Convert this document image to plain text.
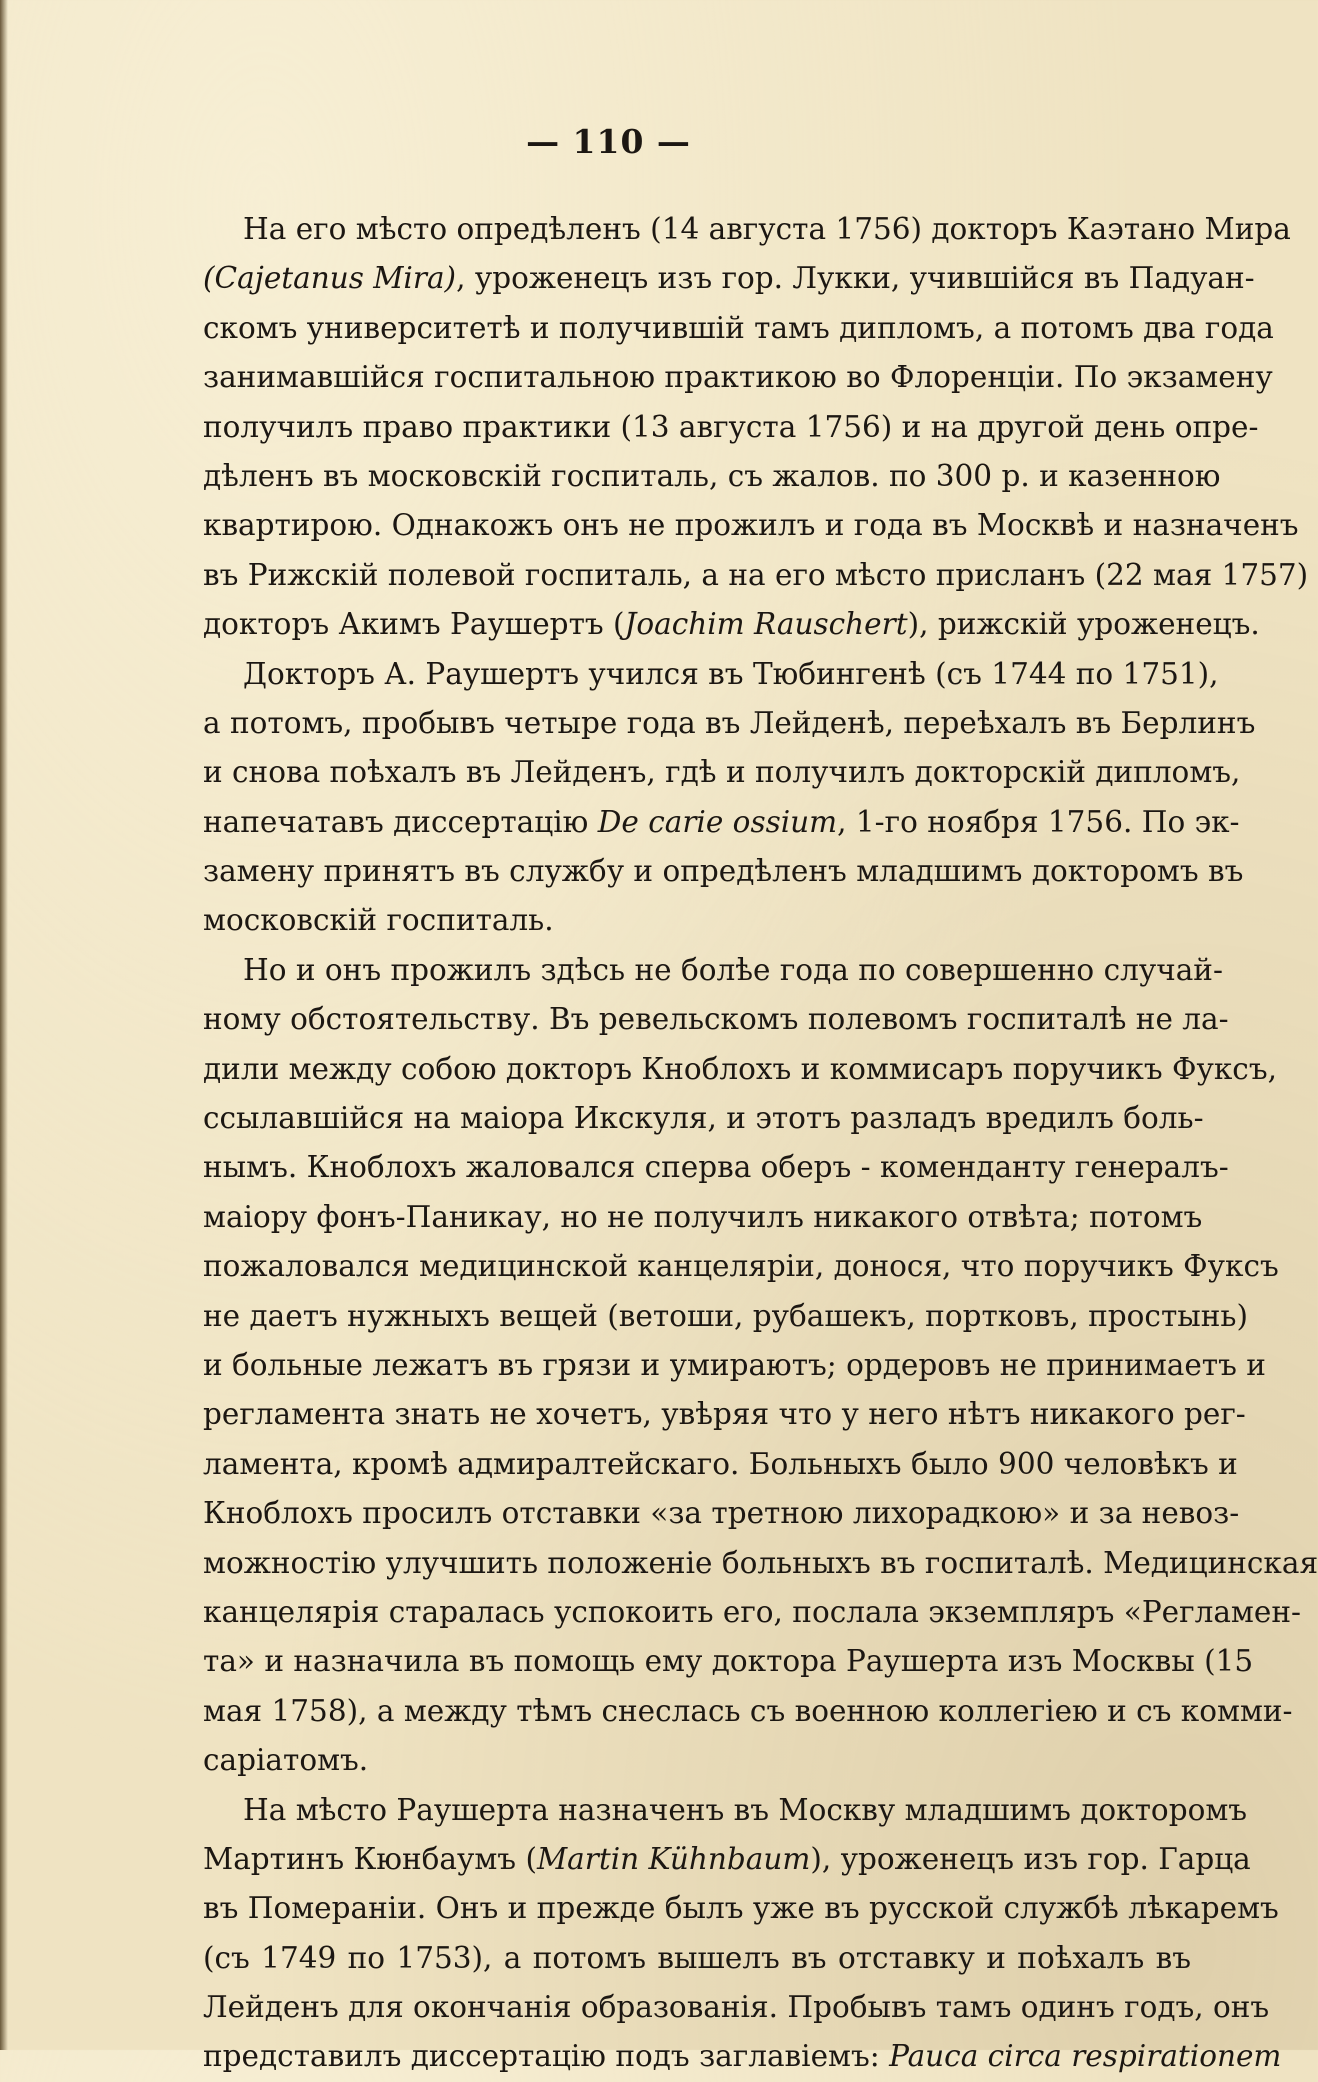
— 110 —
На его мѣсто опредѣленъ (14 августа 1756) докторъ Каэтано Мира
(Cajetanus Mira), уроженецъ изъ гор. Лукки, учившійся въ Падуан-
скомъ университетѣ и получившій тамъ дипломъ, а потомъ два года
занимавшійся госпитальною практикою во Флоренціи. По экзамену
получилъ право практики (13 августа 1756) и на другой день опре-
дѣленъ въ московскій госпиталь, съ жалов. по 300 р. и казенною
квартирою. Однакожъ онъ не прожилъ и года въ Москвѣ и назначенъ
въ Рижскій полевой госпиталь, а на его мѣсто присланъ (22 мая 1757)
докторъ Акимъ Раушертъ (Joachim Rauschert), рижскій уроженецъ.
Докторъ А. Раушертъ учился въ Тюбингенѣ (съ 1744 по 1751),
а потомъ, пробывъ четыре года въ Лейденѣ, переѣхалъ въ Берлинъ
и снова поѣхалъ въ Лейденъ, гдѣ и получилъ докторскій дипломъ,
напечатавъ диссертацію De carie ossium, 1-го ноября 1756. По эк-
замену принятъ въ службу и опредѣленъ младшимъ докторомъ въ
московскій госпиталь.
Но и онъ прожилъ здѣсь не болѣе года по совершенно случай-
ному обстоятельству. Въ ревельскомъ полевомъ госпиталѣ не ла-
дили между собою докторъ Кноблохъ и коммисаръ поручикъ Фуксъ,
ссылавшійся на маіора Икскуля, и этотъ разладъ вредилъ боль-
нымъ. Кноблохъ жаловался сперва оберъ - коменданту генералъ-
маіору фонъ-Паникау, но не получилъ никакого отвѣта; потомъ
пожаловался медицинской канцеляріи, донося, что поручикъ Фуксъ
не даетъ нужныхъ вещей (ветоши, рубашекъ, портковъ, простынь)
и больные лежатъ въ грязи и умираютъ; ордеровъ не принимаетъ и
регламента знать не хочетъ, увѣряя что у него нѣтъ никакого рег-
ламента, кромѣ адмиралтейскаго. Больныхъ было 900 человѣкъ и
Кноблохъ просилъ отставки «за третною лихорадкою» и за невоз-
можностію улучшить положеніе больныхъ въ госпиталѣ. Медицинская
канцелярія старалась успокоить его, послала экземпляръ «Регламен-
та» и назначила въ помощь ему доктора Раушерта изъ Москвы (15
мая 1758), а между тѣмъ снеслась съ военною коллегіею и съ комми-
саріатомъ.
На мѣсто Раушерта назначенъ въ Москву младшимъ докторомъ
Мартинъ Кюнбаумъ (Martin Kühnbaum), уроженецъ изъ гор. Гарца
въ Помераніи. Онъ и прежде былъ уже въ русской службѣ лѣкаремъ
(съ 1749 по 1753), а потомъ вышелъ въ отставку и поѣхалъ въ
Лейденъ для окончанія образованія. Пробывъ тамъ одинъ годъ, онъ
представилъ диссертацію подъ заглавіемъ: Pauca circa respirationem
